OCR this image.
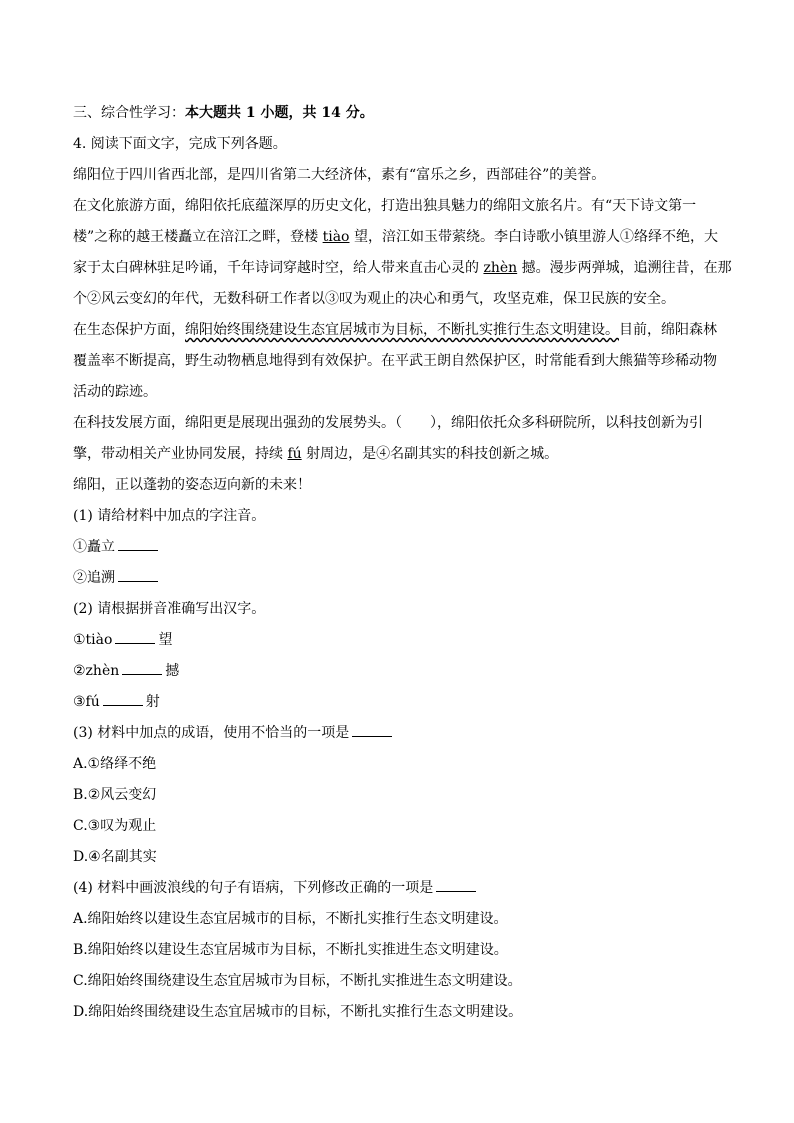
三、综合性学习：本大题共 1 小题，共 14 分。
4. 阅读下面文字，完成下列各题。
绵阳位于四川省西北部，是四川省第二大经济体，素有“富乐之乡，西部硅谷”的美誉。
在文化旅游方面，绵阳依托底蕴深厚的历史文化，打造出独具魅力的绵阳文旅名片。有“天下诗文第一
楼”之称的越王楼矗立在涪江之畔，登楼 tiào 望，涪江如玉带萦绕。李白诗歌小镇里游人①络绎不绝，大
家于太白碑林驻足吟诵，千年诗词穿越时空，给人带来直击心灵的 zhèn 撼。漫步两弹城，追溯往昔，在那
个②风云变幻的年代，无数科研工作者以③叹为观止的决心和勇气，攻坚克难，保卫民族的安全。
在生态保护方面，绵阳始终围绕建设生态宜居城市为目标，不断扎实推行生态文明建设。目前，绵阳森林
覆盖率不断提高，野生动物栖息地得到有效保护。在平武王朗自然保护区，时常能看到大熊猫等珍稀动物
活动的踪迹。
在科技发展方面，绵阳更是展现出强劲的发展势头。（　　），绵阳依托众多科研院所，以科技创新为引
擎，带动相关产业协同发展，持续 fú 射周边，是④名副其实的科技创新之城。
绵阳，正以蓬勃的姿态迈向新的未来！
(1) 请给材料中加点的字注音。
①矗立
②追溯
(2) 请根据拼音准确写出汉字。
①tiào	望
②zhèn	撼
③fú	射
(3) 材料中加点的成语，使用不恰当的一项是
A.①络绎不绝
B.②风云变幻
C.③叹为观止
D.④名副其实
(4) 材料中画波浪线的句子有语病，下列修改正确的一项是
A.绵阳始终以建设生态宜居城市的目标，不断扎实推行生态文明建设。
B.绵阳始终以建设生态宜居城市为目标，不断扎实推进生态文明建设。
C.绵阳始终围绕建设生态宜居城市为目标，不断扎实推进生态文明建设。
D.绵阳始终围绕建设生态宜居城市的目标，不断扎实推行生态文明建设。
